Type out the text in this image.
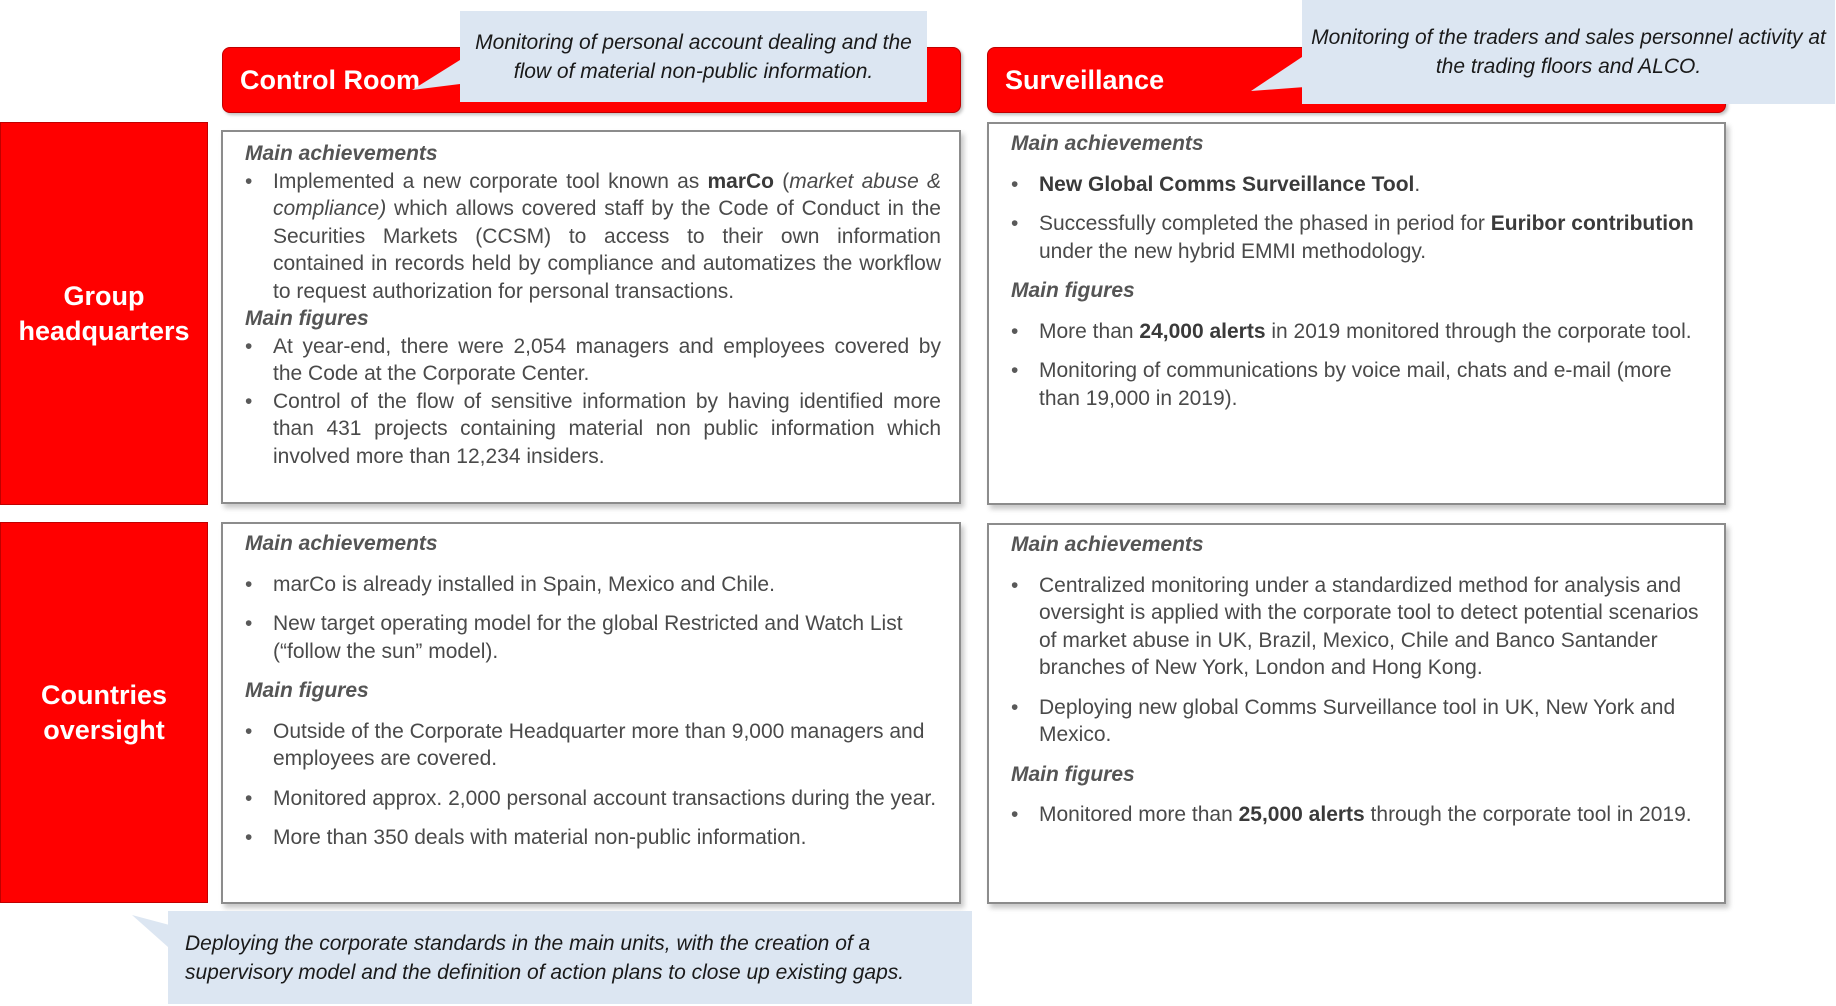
Control Room	Surveillance
Monitoring of personal account dealing and the flow of material non-public information.
Monitoring of the traders and sales personnel activity at the trading floors and ALCO.
Group
headquarters
Countries
oversight
Main achievements
• Implemented a new corporate tool known as marCo (market abuse & compliance) which allows covered staff by the Code of Conduct in the Securities Markets (CCSM) to access to their own information contained in records held by compliance and automatizes the workflow to request authorization for personal transactions.
Main figures
• At year-end, there were 2,054 managers and employees covered by the Code at the Corporate Center.
• Control of the flow of sensitive information by having identified more than 431 projects containing material non public information which involved more than 12,234 insiders.
Main achievements
• New Global Comms Surveillance Tool.
• Successfully completed the phased in period for Euribor contribution under the new hybrid EMMI methodology.
Main figures
• More than 24,000 alerts in 2019 monitored through the corporate tool.
• Monitoring of communications by voice mail, chats and e-mail (more than 19,000 in 2019).
Main achievements
• marCo is already installed in Spain, Mexico and Chile.
• New target operating model for the global Restricted and Watch List (“follow the sun” model).
Main figures
• Outside of the Corporate Headquarter more than 9,000 managers and employees are covered.
• Monitored approx. 2,000 personal account transactions during the year.
• More than 350 deals with material non-public information.
Main achievements
• Centralized monitoring under a standardized method for analysis and oversight is applied with the corporate tool to detect potential scenarios of market abuse in UK, Brazil, Mexico, Chile and Banco Santander branches of New York, London and Hong Kong.
• Deploying new global Comms Surveillance tool in UK, New York and Mexico.
Main figures
• Monitored more than 25,000 alerts through the corporate tool in 2019.
Deploying the corporate standards in the main units, with the creation of a supervisory model and the definition of action plans to close up existing gaps.
